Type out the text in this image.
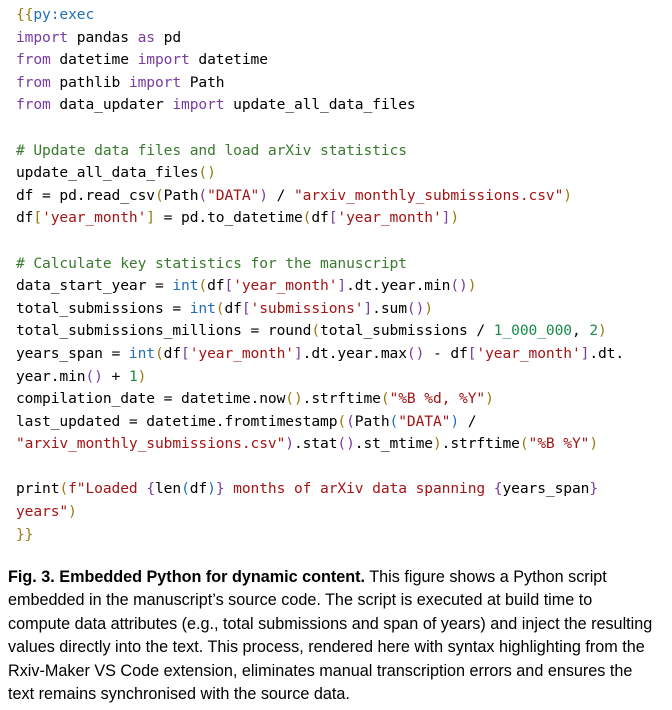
{{py:exec
import pandas as pd
from datetime import datetime
from pathlib import Path
from data_updater import update_all_data_files
# Update data files and load arXiv statistics
update_all_data_files()
df = pd.read_csv(Path("DATA") / "arxiv_monthly_submissions.csv")
df['year_month'] = pd.to_datetime(df['year_month'])
# Calculate key statistics for the manuscript
data_start_year = int(df['year_month'].dt.year.min())
total_submissions = int(df['submissions'].sum())
total_submissions_millions = round(total_submissions / 1_000_000, 2)
years_span = int(df['year_month'].dt.year.max() - df['year_month'].dt.
year.min() + 1)
compilation_date = datetime.now().strftime("%B %d, %Y")
last_updated = datetime.fromtimestamp((Path("DATA") /
"arxiv_monthly_submissions.csv").stat().st_mtime).strftime("%B %Y")
print(f"Loaded {len(df)} months of arXiv data spanning {years_span}
years")
}}
Fig. 3. Embedded Python for dynamic content. This figure shows a Python script embedded in the manuscript’s source code. The script is executed at build time to compute data attributes (e.g., total submissions and span of years) and inject the resulting values directly into the text. This process, rendered here with syntax highlighting from the Rxiv-Maker VS Code extension, eliminates manual transcription errors and ensures the text remains synchronised with the source data.
